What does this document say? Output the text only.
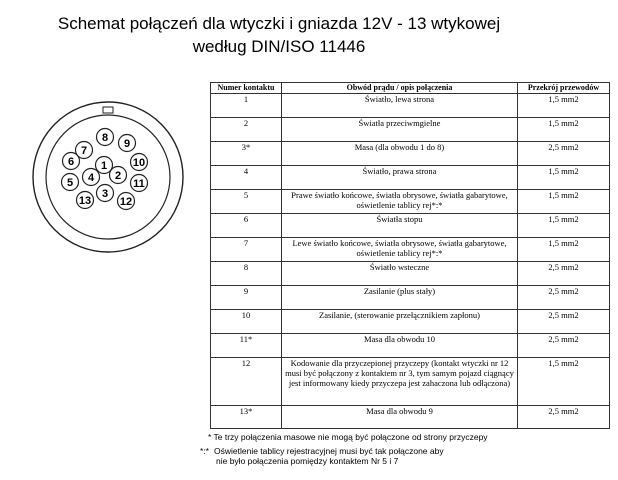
Schemat połączeń dla wtyczki i gniazda 12V - 13 wtykowej
według DIN/ISO 11446
1
2
3
4
5
6
7
8 9
10
11
12
13
Numer kontaktu	Obwód prądu / opis połączenia	Przekrój przewodów
1	Światło, lewa strona	1,5 mm2
2	Światła przeciwmgielne	1,5 mm2
3*	Masa (dla obwodu 1 do 8)	2,5 mm2
4	Światło, prawa strona	1,5 mm2
5	Prawe światło końcowe, światła obrysowe, światła gabarytowe, oświetlenie tablicy rej*:*	1,5 mm2
6	Światła stopu	1,5 mm2
7	Lewe światło końcowe, światła obrysowe, światła gabarytowe, oświetlenie tablicy rej*:*	1,5 mm2
8	Światło wsteczne	2,5 mm2
9	Zasilanie (plus stały)	2,5 mm2
10	Zasilanie, (sterowanie przełącznikiem zapłonu)	2,5 mm2
11*	Masa dla obwodu 10	2,5 mm2
12	Kodowanie dla przyczepionej przyczepy (kontakt wtyczki nr 12 musi być połączony z kontaktem nr 3, tym samym pojazd ciągnący jest informowany kiedy przyczepa jest zahaczona lub odłączona)	1,5 mm2
13*	Masa dla obwodu 9	2,5 mm2
* Te trzy połączenia masowe nie mogą być połączone od strony przyczepy
*:* Oświetlenie tablicy rejestracyjnej musi być tak połączone aby
nie było połączenia pomiędzy kontaktem Nr 5 i 7
